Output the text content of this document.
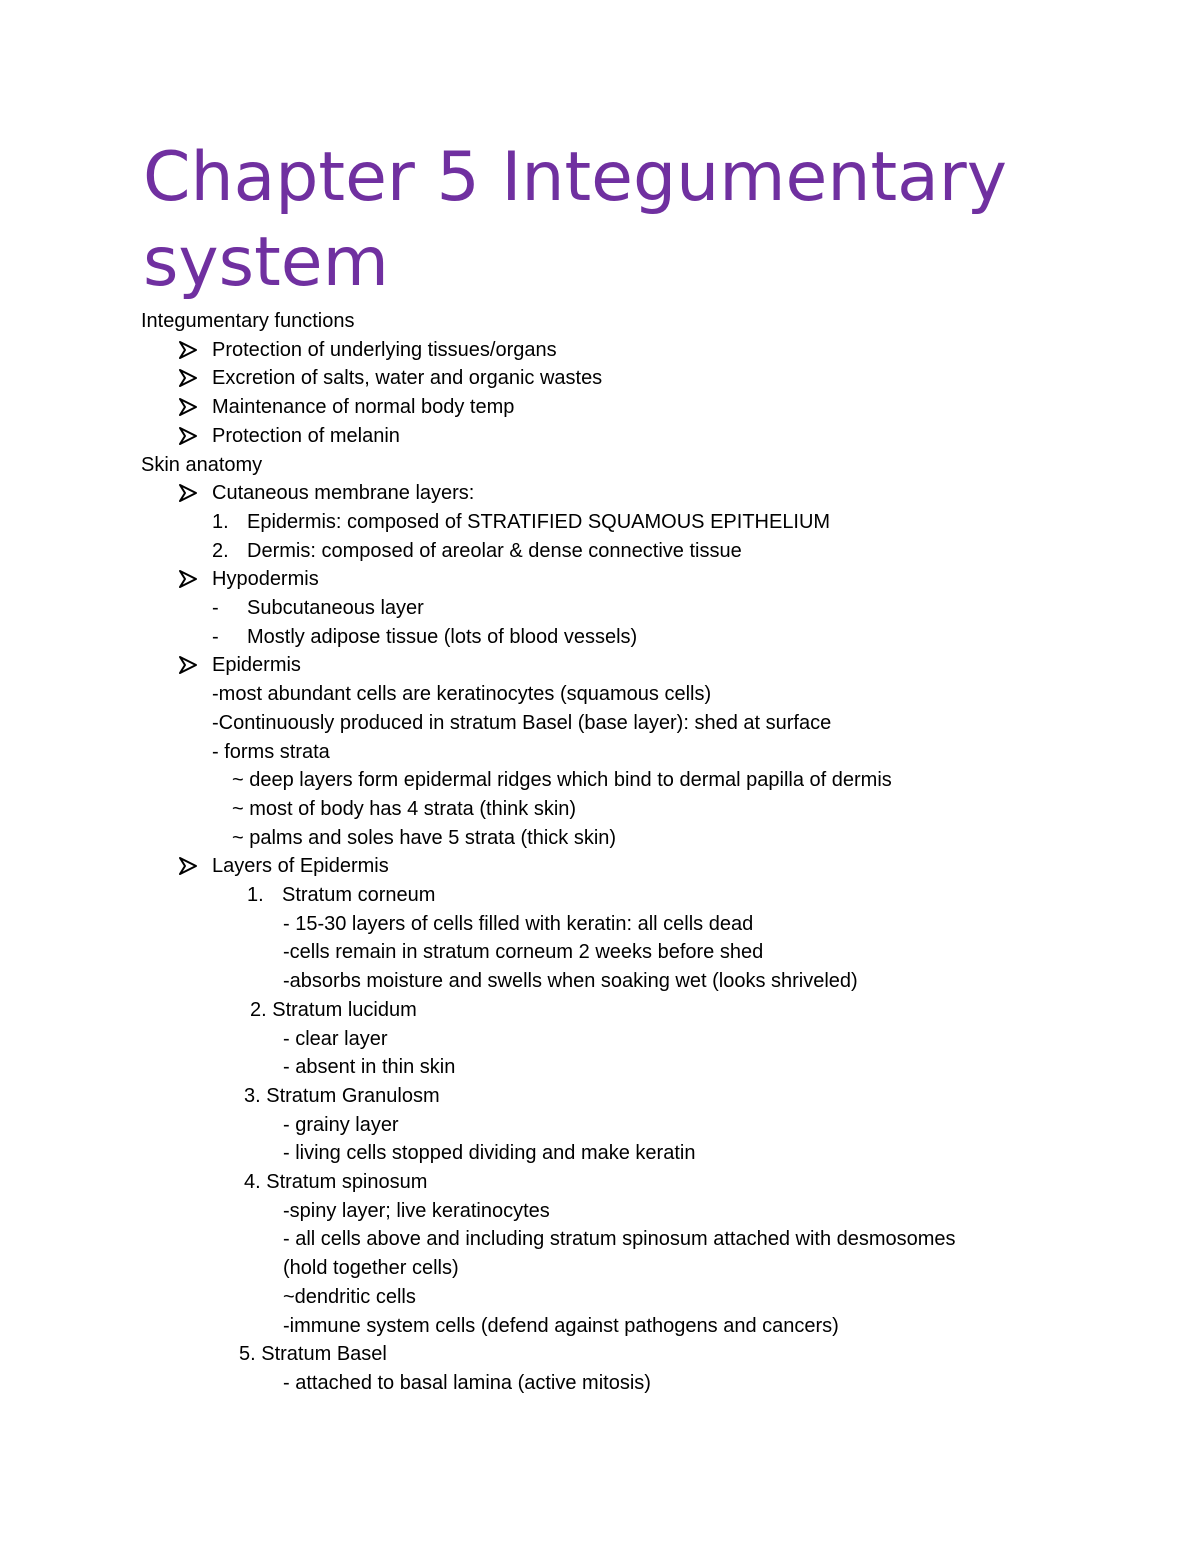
Chapter 5 Integumentary
system
Integumentary functions
Protection of underlying tissues/organs
Excretion of salts, water and organic wastes
Maintenance of normal body temp
Protection of melanin
Skin anatomy
Cutaneous membrane layers:
Epidermis: composed of STRATIFIED SQUAMOUS EPITHELIUM
1.
Dermis: composed of areolar & dense connective tissue
2.
Hypodermis
Subcutaneous layer
-
Mostly adipose tissue (lots of blood vessels)
-
Epidermis
-most abundant cells are keratinocytes (squamous cells)
-Continuously produced in stratum Basel (base layer): shed at surface
- forms strata
~ deep layers form epidermal ridges which bind to dermal papilla of dermis
~ most of body has 4 strata (think skin)
~ palms and soles have 5 strata (thick skin)
Layers of Epidermis
Stratum corneum
1.
- 15-30 layers of cells filled with keratin: all cells dead
-cells remain in stratum corneum 2 weeks before shed
-absorbs moisture and swells when soaking wet (looks shriveled)
2. Stratum lucidum
- clear layer
- absent in thin skin
3. Stratum Granulosm
- grainy layer
- living cells stopped dividing and make keratin
4. Stratum spinosum
-spiny layer; live keratinocytes
- all cells above and including stratum spinosum attached with desmosomes
(hold together cells)
~dendritic cells
-immune system cells (defend against pathogens and cancers)
5. Stratum Basel
- attached to basal lamina (active mitosis)
